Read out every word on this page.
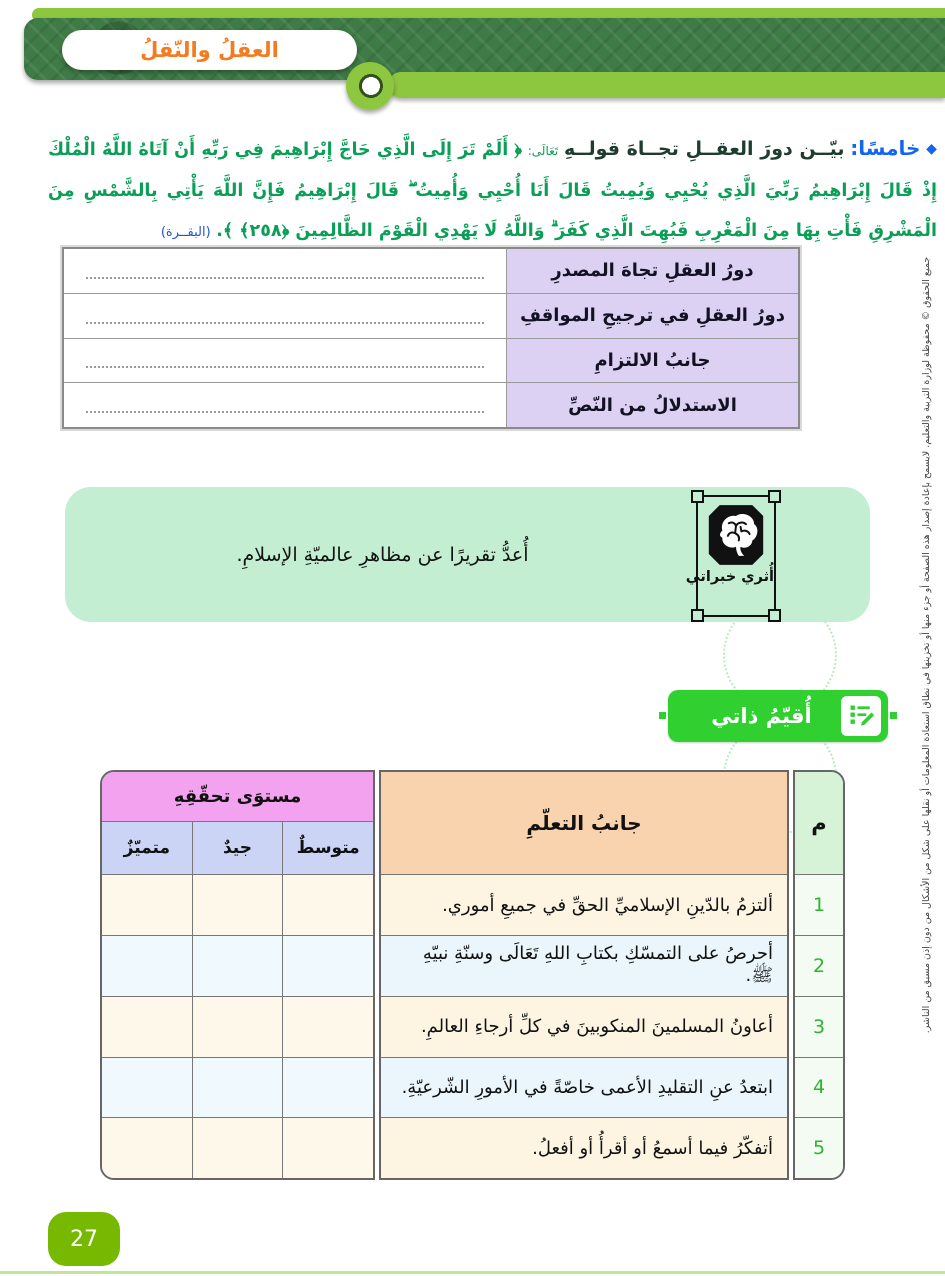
العقلُ والنّقلُ

◆ خامسًا: بيّــن دورَ العقــلِ تجــاهَ قولــهِ تَعَالَى: ﴿ أَلَمْ تَرَ إِلَى الَّذِي حَاجَّ إِبْرَاهِيمَ فِي رَبِّهِ أَنْ آتَاهُ اللَّهُ الْمُلْكَ إِذْ قَالَ إِبْرَاهِيمُ رَبِّيَ الَّذِي يُحْيِي وَيُمِيتُ قَالَ أَنَا أُحْيِي وَأُمِيتُ ۖ قَالَ إِبْرَاهِيمُ فَإِنَّ اللَّهَ يَأْتِي بِالشَّمْسِ مِنَ الْمَشْرِقِ فَأْتِ بِهَا مِنَ الْمَغْرِبِ فَبُهِتَ الَّذِي كَفَرَ ۗ وَاللَّهُ لَا يَهْدِي الْقَوْمَ الظَّالِمِينَ ﴿٢٥٨﴾ ﴾. (البقــرة)

دورُ العقلِ تجاهَ المصدرِ
دورُ العقلِ في ترجيحِ المواقفِ
جانبُ الالتزامِ
الاستدلالُ من النّصِّ
أُثري خبراتي
أُعدُّ تقريرًا عن مظاهرِ عالميّةِ الإسلامِ.
أُقيّمُ ذاتي
م
1
2
3
4
5
جانبُ التعلّمِ
ألتزمُ بالدّينِ الإسلاميِّ الحقِّ في جميعِ أموري.
أحرصُ على التمسّكِ بكتابِ اللهِ تَعَالَى وسنّةِ نبيّهِ ﷺ.
أعاونُ المسلمينَ المنكوبينَ في كلِّ أرجاءِ العالمِ.
ابتعدُ عنِ التقليدِ الأعمى خاصّةً في الأمورِ الشّرعيّةِ.
أتفكّرُ فيما أسمعُ أو أقرأُ أو أفعلُ.
مستوَى تحقّقِهِ
متوسطٌ
جيدٌ
متميّزٌ
27
جميع الحقوق © محفوظة لوزارة التربية والتعليم. لايسمح بإعادة إصدار هذه الصفحة أو جزء منها أو تخزينها في نطاق استعادة المعلومات أو نقلها على شكل من الأشكال من دون إذن مسبق من الناشر.
